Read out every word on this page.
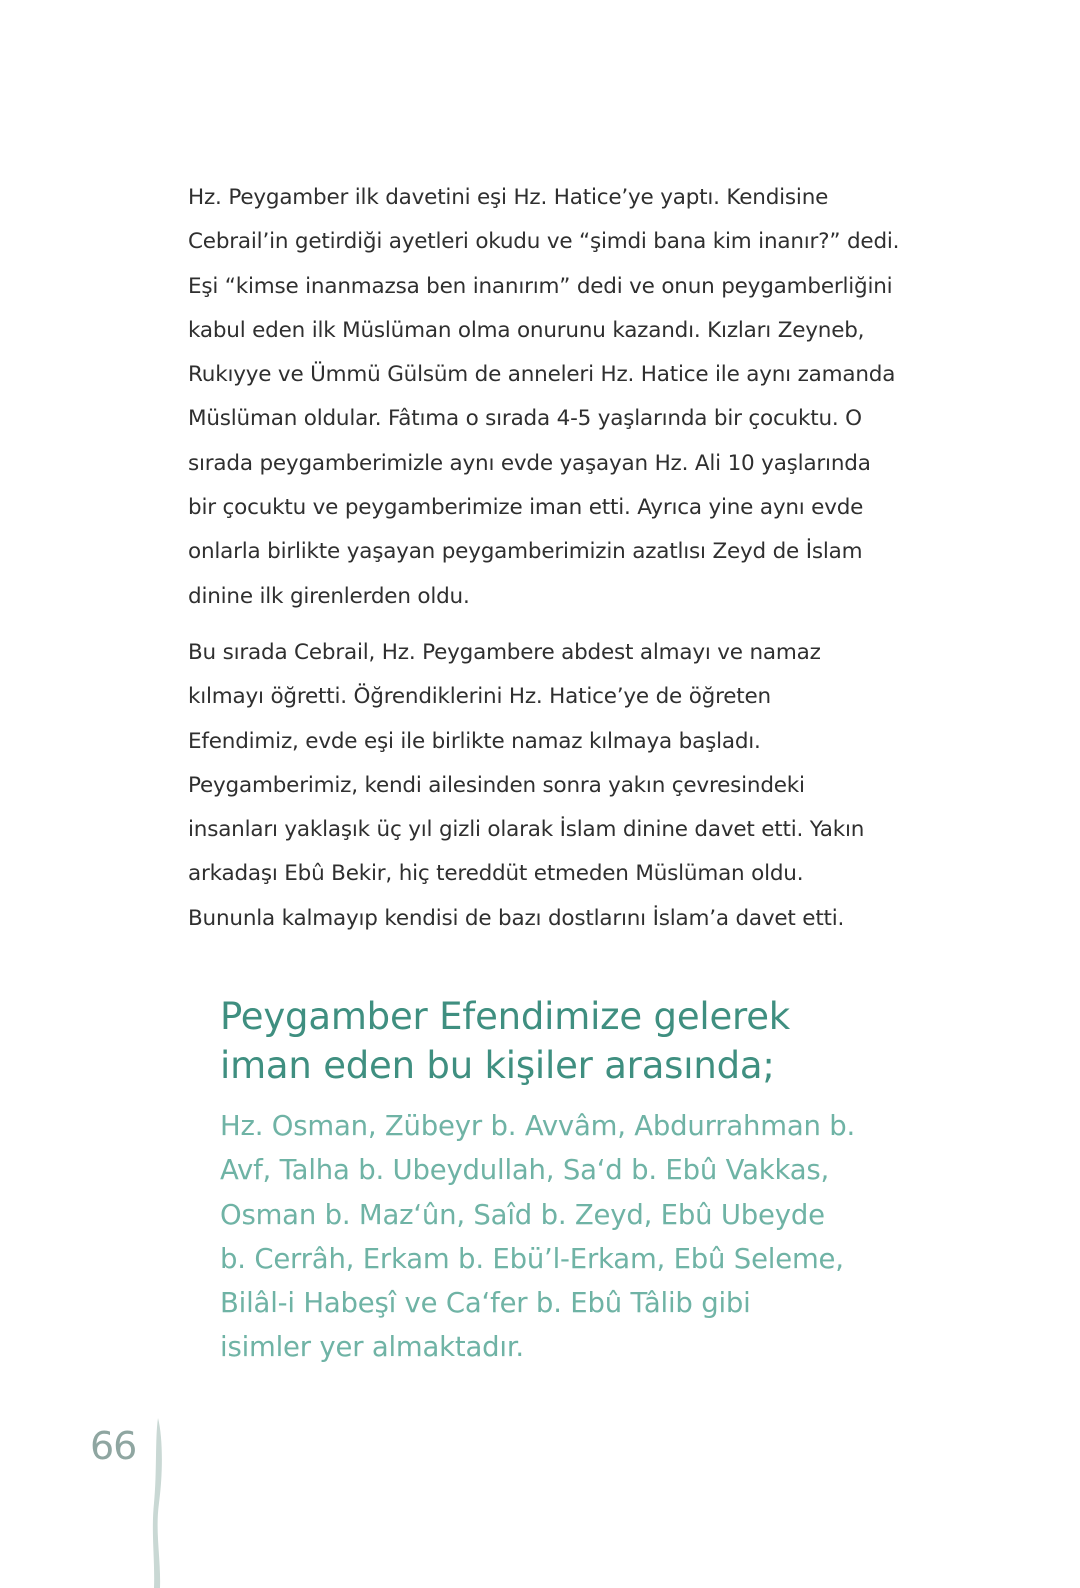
Hz. Peygamber ilk davetini eşi Hz. Hatice’ye yaptı. Kendisine
Cebrail’in getirdiği ayetleri okudu ve “şimdi bana kim inanır?” dedi.
Eşi “kimse inanmazsa ben inanırım” dedi ve onun peygamberliğini
kabul eden ilk Müslüman olma onurunu kazandı. Kızları Zeyneb,
Rukıyye ve Ümmü Gülsüm de anneleri Hz. Hatice ile aynı zamanda
Müslüman oldular. Fâtıma o sırada 4-5 yaşlarında bir çocuktu. O
sırada peygamberimizle aynı evde yaşayan Hz. Ali 10 yaşlarında
bir çocuktu ve peygamberimize iman etti. Ayrıca yine aynı evde
onlarla birlikte yaşayan peygamberimizin azatlısı Zeyd de İslam
dinine ilk girenlerden oldu.

Bu sırada Cebrail, Hz. Peygambere abdest almayı ve namaz
kılmayı öğretti. Öğrendiklerini Hz. Hatice’ye de öğreten
Efendimiz, evde eşi ile birlikte namaz kılmaya başladı.
Peygamberimiz, kendi ailesinden sonra yakın çevresindeki
insanları yaklaşık üç yıl gizli olarak İslam dinine davet etti. Yakın
arkadaşı Ebû Bekir, hiç tereddüt etmeden Müslüman oldu.
Bununla kalmayıp kendisi de bazı dostlarını İslam’a davet etti.

Peygamber Efendimize gelerek
iman eden bu kişiler arasında;

Hz. Osman, Zübeyr b. Avvâm, Abdurrahman b.
Avf, Talha b. Ubeydullah, Sa‘d b. Ebû Vakkas,
Osman b. Maz‘ûn, Saîd b. Zeyd, Ebû Ubeyde
b. Cerrâh, Erkam b. Ebü’l-Erkam, Ebû Seleme,
Bilâl-i Habeşî ve Ca‘fer b. Ebû Tâlib gibi
isimler yer almaktadır.

66
